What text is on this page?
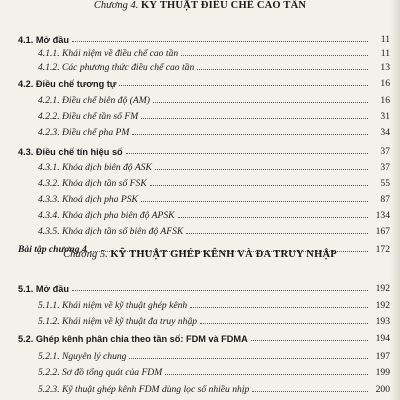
Chương 4. KỸ THUẬT ĐIỀU CHẾ CAO TẦN
4.1. Mở đầu	11
4.1.1. Khái niệm về điều chế cao tần	11
4.1.2. Các phương thức điều chế cao tần	13
4.2. Điều chế tương tự	16
4.2.1. Điều chế biên độ (AM)	16
4.2.2. Điều chế tần số FM	31
4.2.3. Điều chế pha PM	34
4.3. Điều chế tín hiệu số	37
4.3.1. Khóa dịch biên độ ASK	37
4.3.2. Khóa dịch tần số FSK	55
4.3.3. Khoá dịch pha PSK	87
4.3.4. Khóa dịch pha biên độ APSK	134
4.3.5. Khóa dịch tần số biên độ AFSK	167
Bài tập chương 4	172
Chương 5. KỸ THUẬT GHÉP KÊNH VÀ ĐA TRUY NHẬP
5.1. Mở đầu	192
5.1.1. Khái niệm về kỹ thuật ghép kênh	192
5.1.2. Khái niệm về kỹ thuật đa truy nhập	193
5.2. Ghép kênh phân chia theo tần số: FDM và FDMA	194
5.2.1. Nguyên lý chung	197
5.2.2. Sơ đồ tổng quát của FDM	199
5.2.3. Kỹ thuật ghép kênh FDM dùng lọc số nhiều nhịp	200
